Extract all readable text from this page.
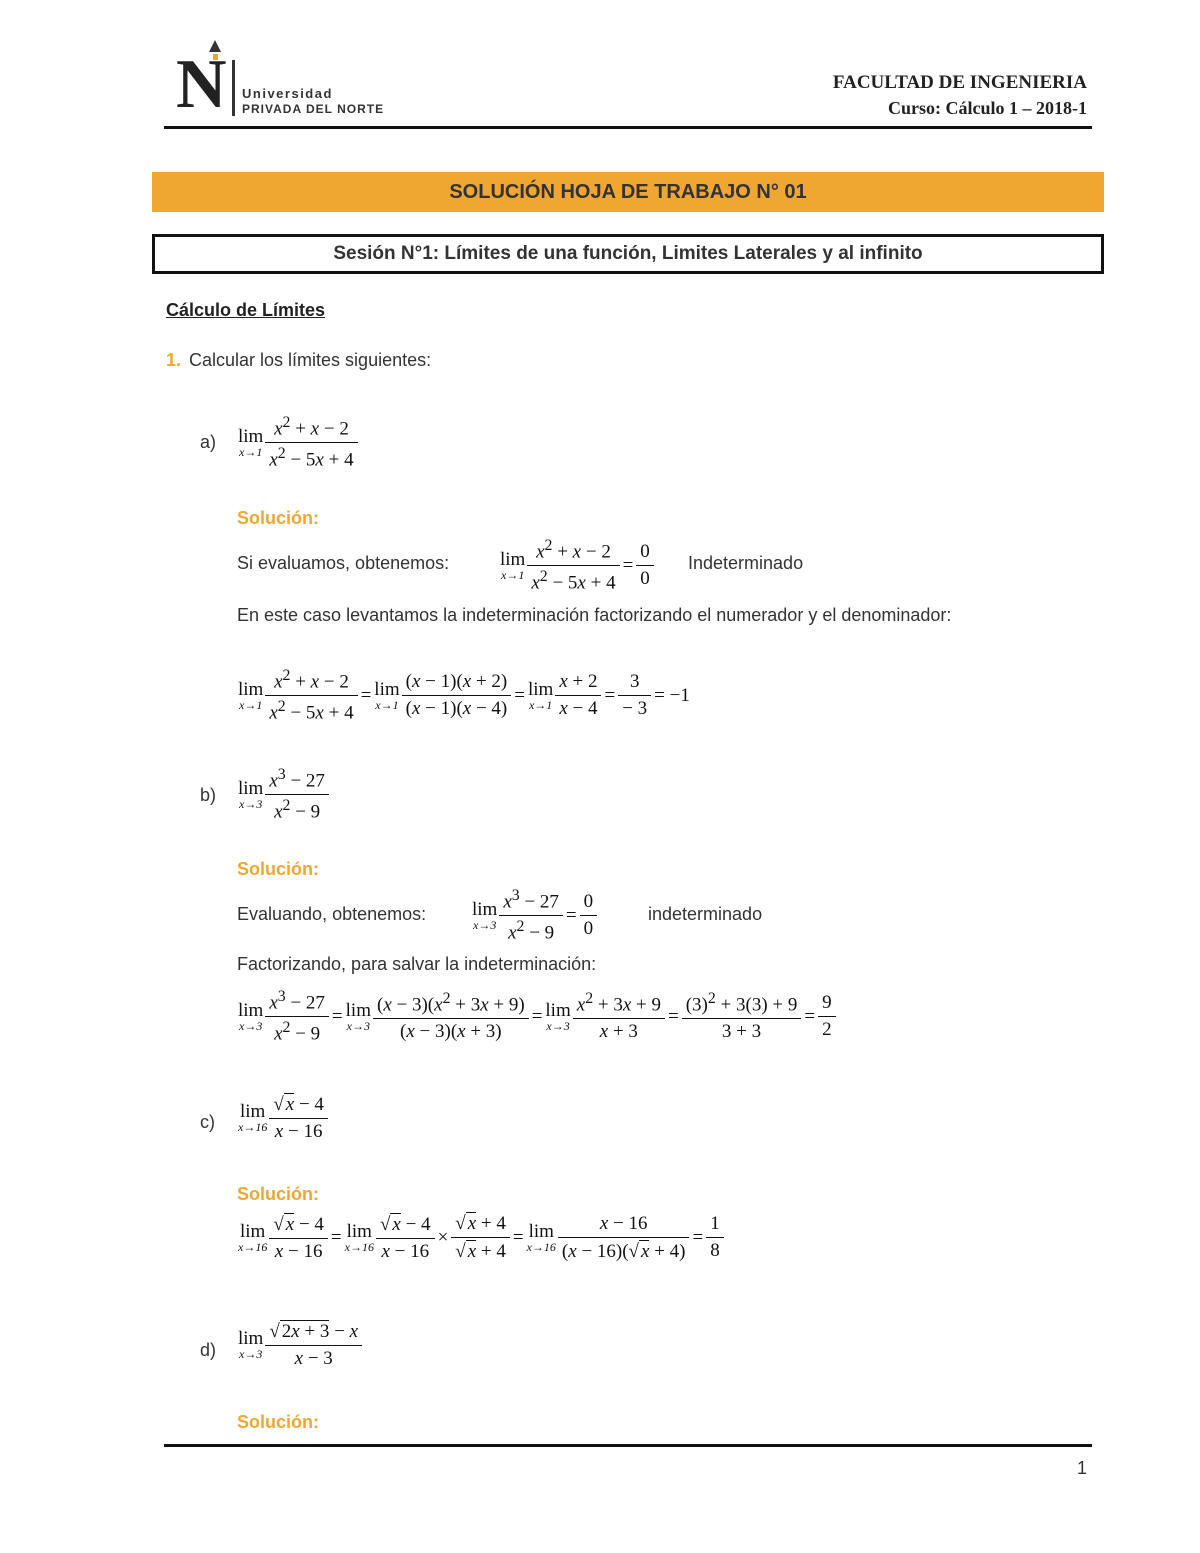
N Universidad
PRIVADA DEL NORTE
FACULTAD DE INGENIERIA
Curso: Cálculo 1 – 2018-1
SOLUCIÓN HOJA DE TRABAJO N° 01
Sesión N°1: Límites de una función, Limites Laterales y al infinito
Cálculo de Límites
1. Calcular los límites siguientes:
a) lim
$x\to 1 \frac{x^2 + x - 2}{x^2 - 5x + 4}$
Solución:
Si evaluamos, obtenemos:	lim
$x\to 1 \frac{x^2 + x - 2}{x^2 - 5x + 4} = \frac{0}{0}$ Indeterminado
En este caso levantamos la indeterminación factorizando el numerador y el denominador:
lim
$x\to 1 \frac{x^2 + x - 2}{x^2 - 5x + 4} = \lim$
$x\to 1 \frac{(x - 1)(x + 2)}{(x - 1)(x - 4)} = \lim$
$x\to 1 \frac{x + 2}{x - 4} = \frac{3}{- 3} = -1$
b) lim
$x\to 3 \frac{x^3 - 27}{x^2 - 9}$
Solución:
Evaluando, obtenemos: lim
$x\to 3 \frac{x^3 - 27}{x^2 - 9} = \frac{0}{0}$	indeterminado
Factorizando, para salvar la indeterminación:
lim
$x\to 3 \frac{x^3 - 27}{x^2 - 9} = \lim$
$x\to 3 \frac{(x - 3)(x^2 + 3x + 9)}{(x - 3)(x + 3)} = \lim$
$x\to 3 \frac{x^2 + 3x + 9}{x + 3} = \frac{(3)^2 + 3(3) + 9}{3 + 3} = \frac{9}{2}$
c) lim
$x\to 16 \frac{√ x - 4}{x - 16}$
Solución:
lim
$x\to 16 \frac{√ x - 4}{x - 16} = \lim$
$x\to 16 \frac{√ x - 4}{x - 16} \times \frac{√ x + 4}{√ x + 4} = \lim$
$x\to 16 \frac{x - 16}{(x - 16)(√ x + 4)} = \frac{1}{8}$
d)
lim
$x\to 3 \frac{√ 2x + 3 - x}{x - 3}$
Solución:
1
